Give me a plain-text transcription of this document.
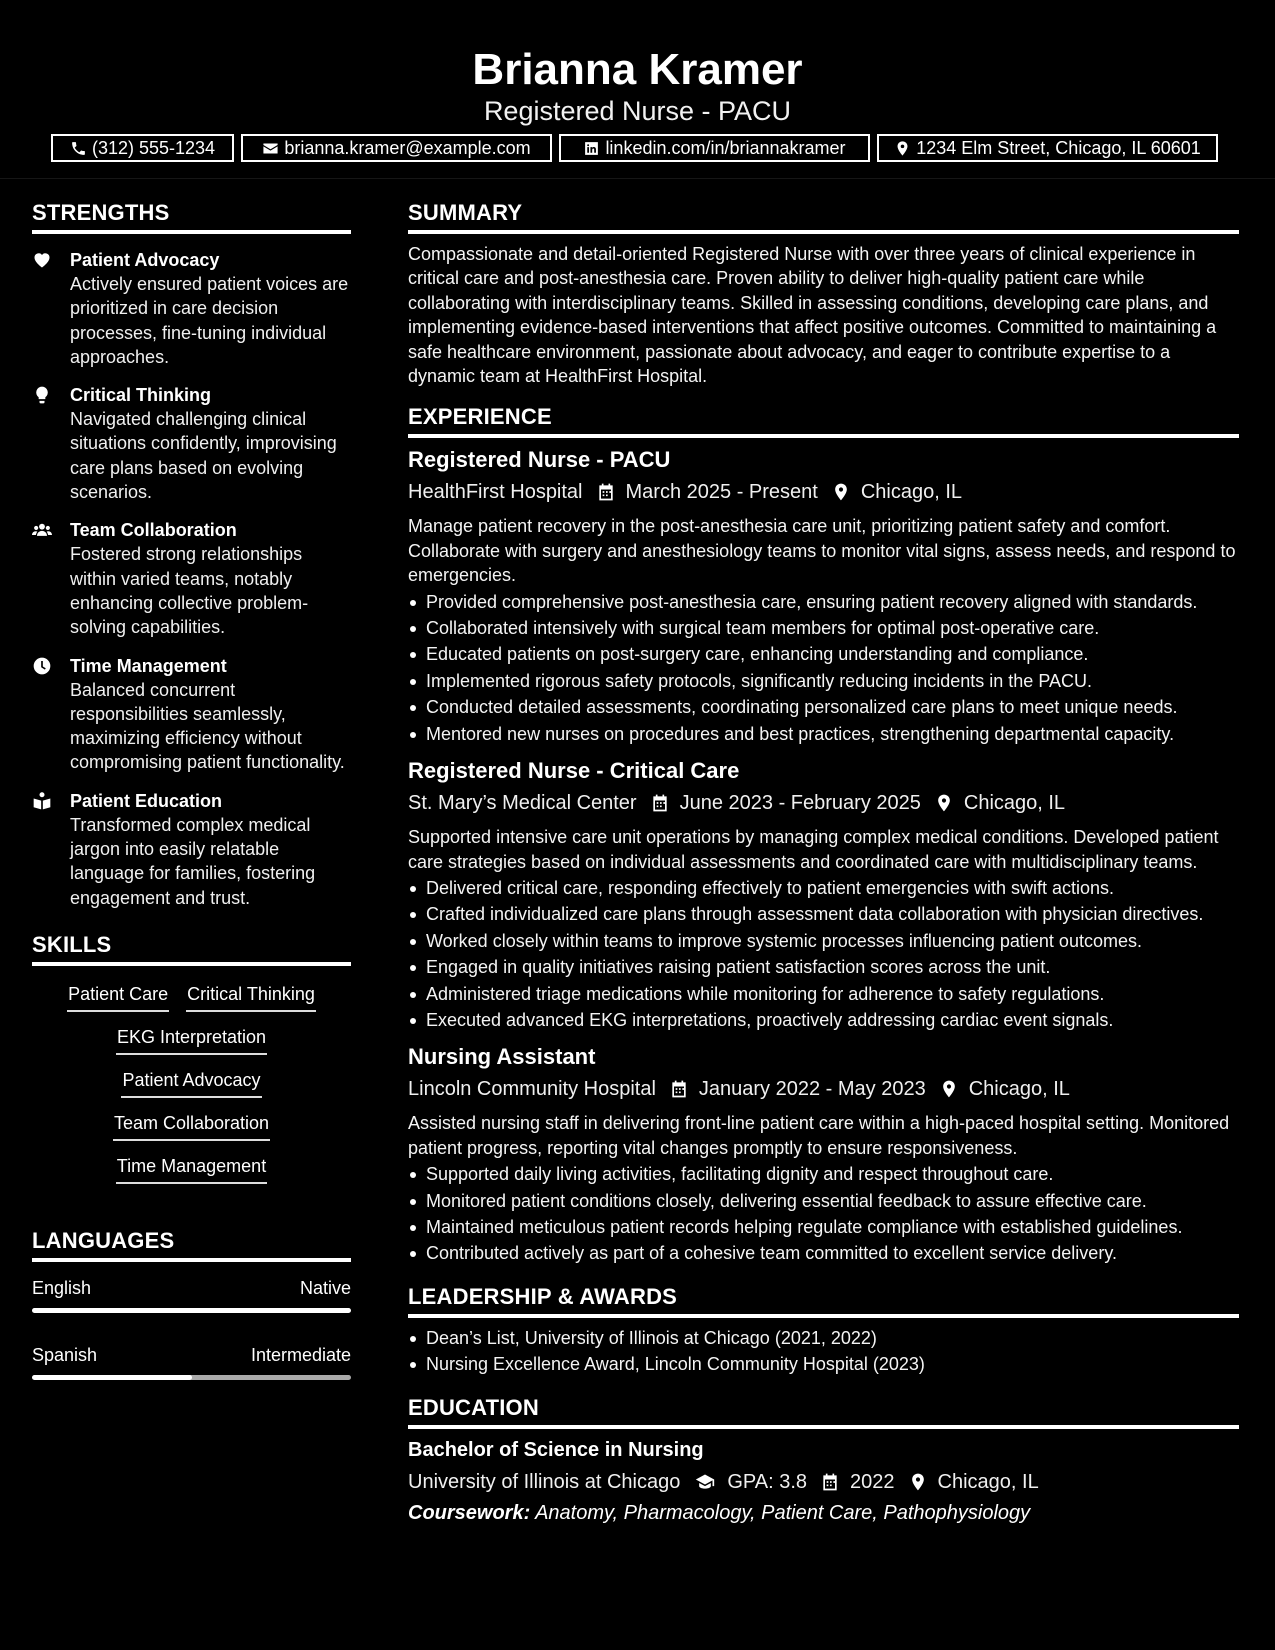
Brianna Kramer
Registered Nurse - PACU
(312) 555-1234	brianna.kramer@example.com	linkedin.com/in/briannakramer	1234 Elm Street, Chicago, IL 60601
STRENGTHS
Patient Advocacy
Actively ensured patient voices are prioritized in care decision processes, fine-tuning individual approaches.
Critical Thinking
Navigated challenging clinical situations confidently, improvising care plans based on evolving scenarios.
Team Collaboration
Fostered strong relationships within varied teams, notably enhancing collective problem-solving capabilities.
Time Management
Balanced concurrent responsibilities seamlessly, maximizing efficiency without compromising patient functionality.
Patient Education
Transformed complex medical jargon into easily relatable language for families, fostering engagement and trust.
SKILLS
Patient Care Critical Thinking
EKG Interpretation
Patient Advocacy
Team Collaboration
Time Management
LANGUAGES
English	Native
Spanish	Intermediate
SUMMARY

Compassionate and detail-oriented Registered Nurse with over three years of clinical experience in critical care and post-anesthesia care. Proven ability to deliver high-quality patient care while collaborating with interdisciplinary teams. Skilled in assessing conditions, developing care plans, and implementing evidence-based interventions that affect positive outcomes. Committed to maintaining a safe healthcare environment, passionate about advocacy, and eager to contribute expertise to a dynamic team at HealthFirst Hospital.

EXPERIENCE
Registered Nurse - PACU
HealthFirst Hospital March 2025 - Present Chicago, IL

Manage patient recovery in the post-anesthesia care unit, prioritizing patient safety and comfort. Collaborate with surgery and anesthesiology teams to monitor vital signs, assess needs, and respond to emergencies.

Provided comprehensive post-anesthesia care, ensuring patient recovery aligned with standards.
Collaborated intensively with surgical team members for optimal post-operative care.
Educated patients on post-surgery care, enhancing understanding and compliance.
Implemented rigorous safety protocols, significantly reducing incidents in the PACU.
Conducted detailed assessments, coordinating personalized care plans to meet unique needs.
Mentored new nurses on procedures and best practices, strengthening departmental capacity.
Registered Nurse - Critical Care
St. Mary’s Medical Center June 2023 - February 2025 Chicago, IL

Supported intensive care unit operations by managing complex medical conditions. Developed patient care strategies based on individual assessments and coordinated care with multidisciplinary teams.

Delivered critical care, responding effectively to patient emergencies with swift actions.
Crafted individualized care plans through assessment data collaboration with physician directives.
Worked closely within teams to improve systemic processes influencing patient outcomes.
Engaged in quality initiatives raising patient satisfaction scores across the unit.
Administered triage medications while monitoring for adherence to safety regulations.
Executed advanced EKG interpretations, proactively addressing cardiac event signals.
Nursing Assistant
Lincoln Community Hospital January 2022 - May 2023 Chicago, IL

Assisted nursing staff in delivering front-line patient care within a high-paced hospital setting. Monitored patient progress, reporting vital changes promptly to ensure responsiveness.

Supported daily living activities, facilitating dignity and respect throughout care.
Monitored patient conditions closely, delivering essential feedback to assure effective care.
Maintained meticulous patient records helping regulate compliance with established guidelines.
Contributed actively as part of a cohesive team committed to excellent service delivery.
LEADERSHIP & AWARDS
Dean’s List, University of Illinois at Chicago (2021, 2022)
Nursing Excellence Award, Lincoln Community Hospital (2023)
EDUCATION
Bachelor of Science in Nursing
University of Illinois at Chicago GPA: 3.8 2022 Chicago, IL
Coursework: Anatomy, Pharmacology, Patient Care, Pathophysiology
